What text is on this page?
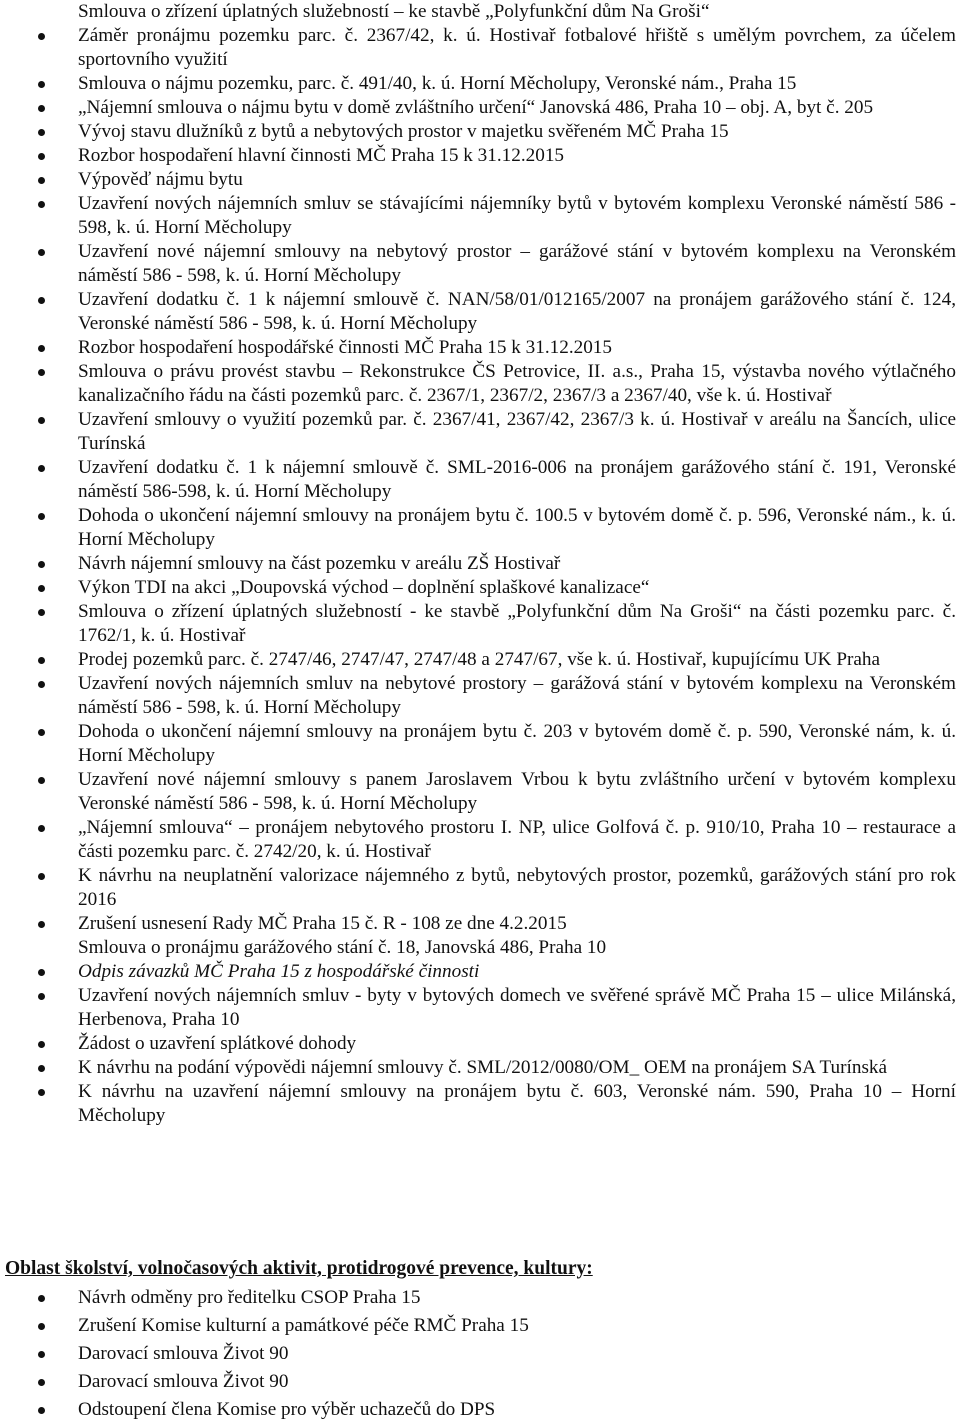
Smlouva o zřízení úplatných služebností – ke stavbě „Polyfunkční dům Na Groši“
Záměr pronájmu pozemku parc. č. 2367/42, k. ú. Hostivař fotbalové hřiště s umělým povrchem, za účelem sportovního využití
Smlouva o nájmu pozemku, parc. č. 491/40, k. ú. Horní Měcholupy, Veronské nám., Praha 15
„Nájemní smlouva o nájmu bytu v domě zvláštního určení“ Janovská 486, Praha 10 – obj. A, byt č. 205
Vývoj stavu dlužníků z bytů a nebytových prostor v majetku svěřeném MČ Praha 15
Rozbor hospodaření hlavní činnosti MČ Praha 15 k 31.12.2015
Výpověď nájmu bytu
Uzavření nových nájemních smluv se stávajícími nájemníky bytů v bytovém komplexu Veronské náměstí 586 - 598, k. ú. Horní Měcholupy
Uzavření nové nájemní smlouvy na nebytový prostor – garážové stání v bytovém komplexu na Veronském náměstí 586 - 598, k. ú. Horní Měcholupy
Uzavření dodatku č. 1 k nájemní smlouvě č. NAN/58/01/012165/2007 na pronájem garážového stání č. 124, Veronské náměstí 586 - 598, k. ú. Horní Měcholupy
Rozbor hospodaření hospodářské činnosti MČ Praha 15 k 31.12.2015
Smlouva o právu provést stavbu – Rekonstrukce ČS Petrovice, II. a.s., Praha 15, výstavba nového výtlačného kanalizačního řádu na části pozemků parc. č. 2367/1, 2367/2, 2367/3 a 2367/40, vše k. ú. Hostivař
Uzavření smlouvy o využití pozemků par. č. 2367/41, 2367/42, 2367/3 k. ú. Hostivař v areálu na Šancích, ulice Turínská
Uzavření dodatku č. 1 k nájemní smlouvě č. SML-2016-006 na pronájem garážového stání č. 191, Veronské náměstí 586-598, k. ú. Horní Měcholupy
Dohoda o ukončení nájemní smlouvy na pronájem bytu č. 100.5 v bytovém domě č. p. 596, Veronské nám., k. ú. Horní Měcholupy
Návrh nájemní smlouvy na část pozemku v areálu ZŠ Hostivař
Výkon TDI na akci „Doupovská východ – doplnění splaškové kanalizace“
Smlouva o zřízení úplatných služebností - ke stavbě „Polyfunkční dům Na Groši“ na části pozemku parc. č. 1762/1, k. ú. Hostivař
Prodej pozemků parc. č. 2747/46, 2747/47, 2747/48 a 2747/67, vše k. ú. Hostivař, kupujícímu UK Praha
Uzavření nových nájemních smluv na nebytové prostory – garážová stání v bytovém komplexu na Veronském náměstí 586 - 598, k. ú. Horní Měcholupy
Dohoda o ukončení nájemní smlouvy na pronájem bytu č. 203 v bytovém domě č. p. 590, Veronské nám, k. ú. Horní Měcholupy
Uzavření nové nájemní smlouvy s panem Jaroslavem Vrbou k bytu zvláštního určení v bytovém komplexu Veronské náměstí 586 - 598, k. ú. Horní Měcholupy
„Nájemní smlouva“ – pronájem nebytového prostoru I. NP, ulice Golfová č. p. 910/10, Praha 10 – restaurace a části pozemku parc. č. 2742/20, k. ú. Hostivař
K návrhu na neuplatnění valorizace nájemného z bytů, nebytových prostor, pozemků, garážových stání pro rok 2016
Zrušení usnesení Rady MČ Praha 15 č. R - 108 ze dne 4.2.2015
Smlouva o pronájmu garážového stání č. 18, Janovská 486, Praha 10
Odpis závazků MČ Praha 15 z hospodářské činnosti
Uzavření nových nájemních smluv - byty v bytových domech ve svěřené správě MČ Praha 15 – ulice Milánská, Herbenova, Praha 10
Žádost o uzavření splátkové dohody
K návrhu na podání výpovědi nájemní smlouvy č. SML/2012/0080/OM_ OEM na pronájem SA Turínská
K návrhu na uzavření nájemní smlouvy na pronájem bytu č. 603, Veronské nám. 590, Praha 10 – Horní Měcholupy
Oblast školství, volnočasových aktivit, protidrogové prevence, kultury:
Návrh odměny pro ředitelku CSOP Praha 15
Zrušení Komise kulturní a památkové péče RMČ Praha 15
Darovací smlouva Život 90
Darovací smlouva Život 90
Odstoupení člena Komise pro výběr uchazečů do DPS
